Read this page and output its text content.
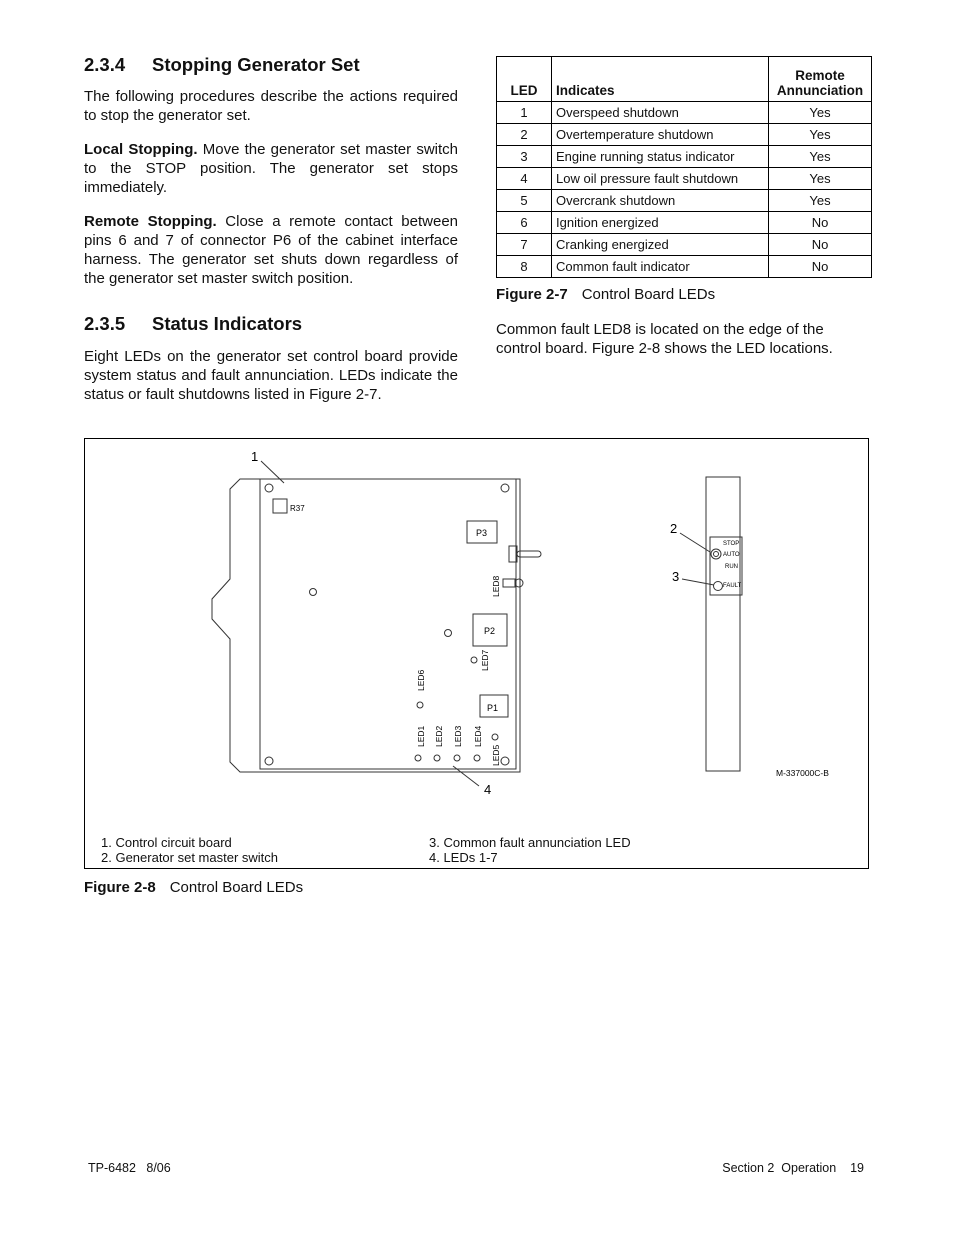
2.3.4 Stopping Generator Set

The following procedures describe the actions required to stop the generator set.

Local Stopping. Move the generator set master switch to the STOP position. The generator set stops immediately.

Remote Stopping. Close a remote contact between pins 6 and 7 of connector P6 of the cabinet interface harness. The generator set shuts down regardless of the generator set master switch position.

2.3.5 Status Indicators

Eight LEDs on the generator set control board provide system status and fault annunciation. LEDs indicate the status or fault shutdowns listed in Figure 2-7.

LED	Indicates	Remote Annunciation
1	Overspeed shutdown	Yes
2	Overtemperature shutdown	Yes
3	Engine running status indicator	Yes
4	Low oil pressure fault shutdown	Yes
5	Overcrank shutdown	Yes
6	Ignition energized	No
7	Cranking energized	No
8	Common fault indicator	No
Figure 2-7 Control Board LEDs

Common fault LED8 is located on the edge of the control board. Figure 2-8 shows the LED locations.

R37
P3
LED8
P2
LED7
P1
LED6
LED1 LED2 LED3 LED4
LED5
STOP
AUTO
RUN
FAULT
1
2
3
4
M-337000C-B
1. Control circuit board
2. Generator set master switch
3. Common fault annunciation LED
4. LEDs 1-7
Figure 2-8 Control Board LEDs
TP-6482   8/06	Section 2  Operation    19
